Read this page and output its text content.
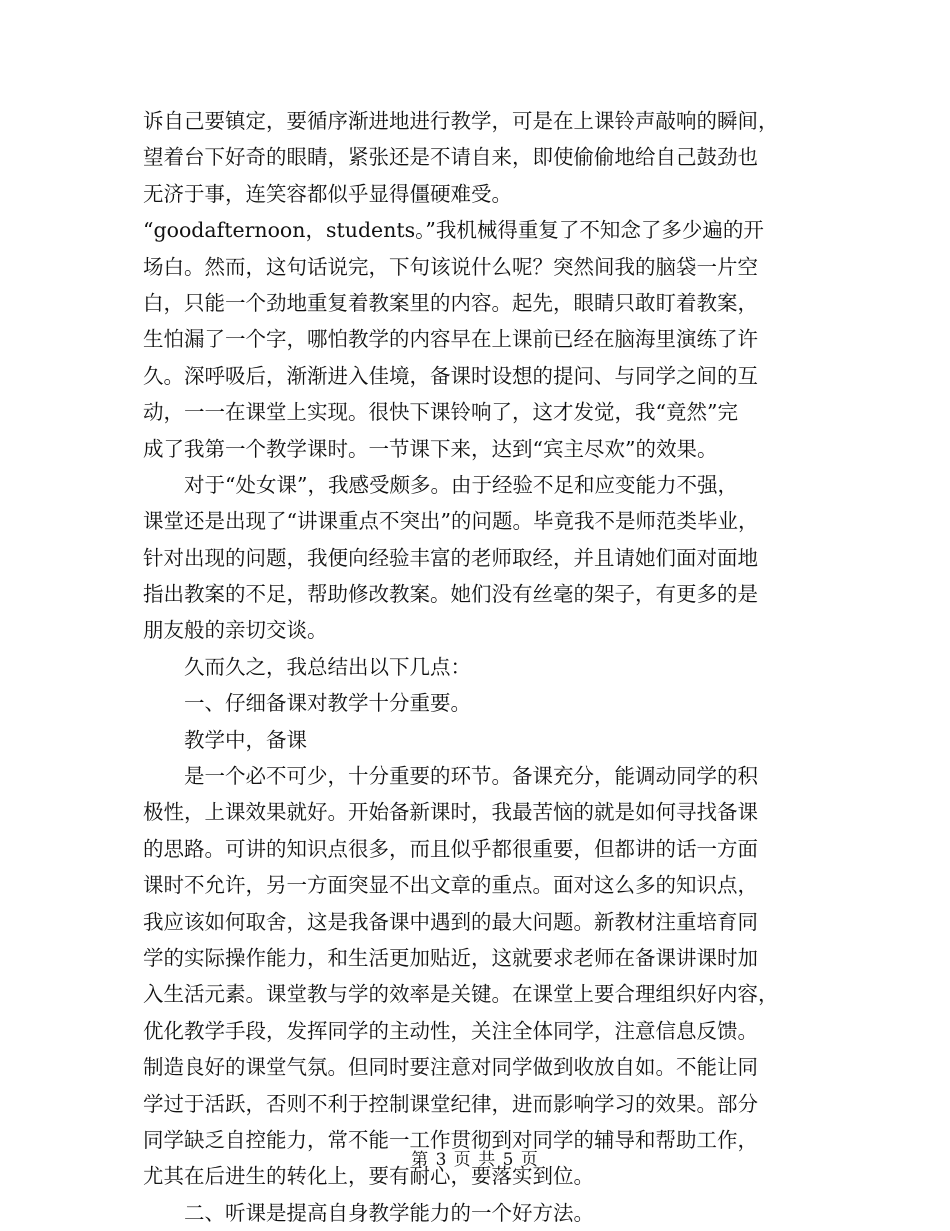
诉自己要镇定，要循序渐进地进行教学，可是在上课铃声敲响的瞬间，
望着台下好奇的眼睛，紧张还是不请自来，即使偷偷地给自己鼓劲也
无济于事，连笑容都似乎显得僵硬难受。
“goodafternoon，students。”我机械得重复了不知念了多少遍的开
场白。然而，这句话说完，下句该说什么呢？突然间我的脑袋一片空
白，只能一个劲地重复着教案里的内容。起先，眼睛只敢盯着教案，
生怕漏了一个字，哪怕教学的内容早在上课前已经在脑海里演练了许
久。深呼吸后，渐渐进入佳境，备课时设想的提问、与同学之间的互
动，一一在课堂上实现。很快下课铃响了，这才发觉，我“竟然”完
成了我第一个教学课时。一节课下来，达到“宾主尽欢”的效果。
　　对于“处女课”，我感受颇多。由于经验不足和应变能力不强，
课堂还是出现了“讲课重点不突出”的问题。毕竟我不是师范类毕业，
针对出现的问题，我便向经验丰富的老师取经，并且请她们面对面地
指出教案的不足，帮助修改教案。她们没有丝毫的架子，有更多的是
朋友般的亲切交谈。
　　久而久之，我总结出以下几点：
　　一、仔细备课对教学十分重要。
　　教学中，备课
　　是一个必不可少，十分重要的环节。备课充分，能调动同学的积
极性，上课效果就好。开始备新课时，我最苦恼的就是如何寻找备课
的思路。可讲的知识点很多，而且似乎都很重要，但都讲的话一方面
课时不允许，另一方面突显不出文章的重点。面对这么多的知识点，
我应该如何取舍，这是我备课中遇到的最大问题。新教材注重培育同
学的实际操作能力，和生活更加贴近，这就要求老师在备课讲课时加
入生活元素。课堂教与学的效率是关键。在课堂上要合理组织好内容，
优化教学手段，发挥同学的主动性，关注全体同学，注意信息反馈。
制造良好的课堂气氛。但同时要注意对同学做到收放自如。不能让同
学过于活跃，否则不利于控制课堂纪律，进而影响学习的效果。部分
同学缺乏自控能力，常不能一工作贯彻到对同学的辅导和帮助工作，
尤其在后进生的转化上，要有耐心，要落实到位。
　　二、听课是提高自身教学能力的一个好方法。
第 3 页 共 5 页
